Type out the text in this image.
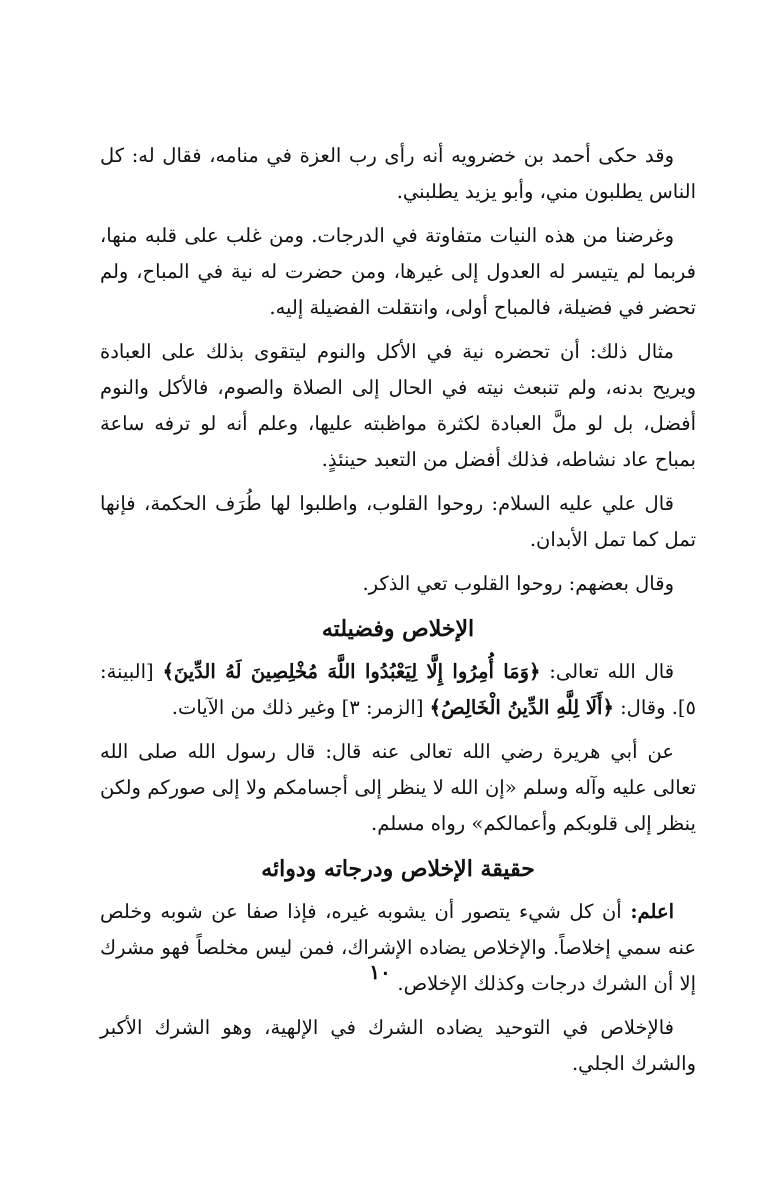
وقد حكى أحمد بن خضرويه أنه رأى رب العزة في منامه، فقال له: كل الناس يطلبون مني، وأبو يزيد يطلبني.

وغرضنا من هذه النيات متفاوتة في الدرجات. ومن غلب على قلبه منها، فربما لم يتيسر له العدول إلى غيرها، ومن حضرت له نية في المباح، ولم تحضر في فضيلة، فالمباح أولى، وانتقلت الفضيلة إليه.

مثال ذلك: أن تحضره نية في الأكل والنوم ليتقوى بذلك على العبادة ويريح بدنه، ولم تنبعث نيته في الحال إلى الصلاة والصوم، فالأكل والنوم أفضل، بل لو ملَّ العبادة لكثرة مواظبته عليها، وعلم أنه لو ترفه ساعة بمباح عاد نشاطه، فذلك أفضل من التعبد حينئذٍ.

قال علي عليه السلام: روحوا القلوب، واطلبوا لها طُرَف الحكمة، فإنها تمل كما تمل الأبدان.

وقال بعضهم: روحوا القلوب تعي الذكر.

الإخلاص وفضيلته

قال الله تعالى: ﴿وَمَا أُمِرُوا إِلَّا لِيَعْبُدُوا اللَّهَ مُخْلِصِينَ لَهُ الدِّينَ﴾ [البينة: ٥]. وقال: ﴿أَلَا لِلَّهِ الدِّينُ الْخَالِصُ﴾ [الزمر: ٣] وغير ذلك من الآيات.

عن أبي هريرة رضي الله تعالى عنه قال: قال رسول الله صلى الله تعالى عليه وآله وسلم «إن الله لا ينظر إلى أجسامكم ولا إلى صوركم ولكن ينظر إلى قلوبكم وأعمالكم» رواه مسلم.

حقيقة الإخلاص ودرجاته ودوائه

اعلم: أن كل شيء يتصور أن يشوبه غيره، فإذا صفا عن شوبه وخلص عنه سمي إخلاصاً. والإخلاص يضاده الإشراك، فمن ليس مخلصاً فهو مشرك إلا أن الشرك درجات وكذلك الإخلاص.

فالإخلاص في التوحيد يضاده الشرك في الإلهية، وهو الشرك الأكبر والشرك الجلي.

١٠
